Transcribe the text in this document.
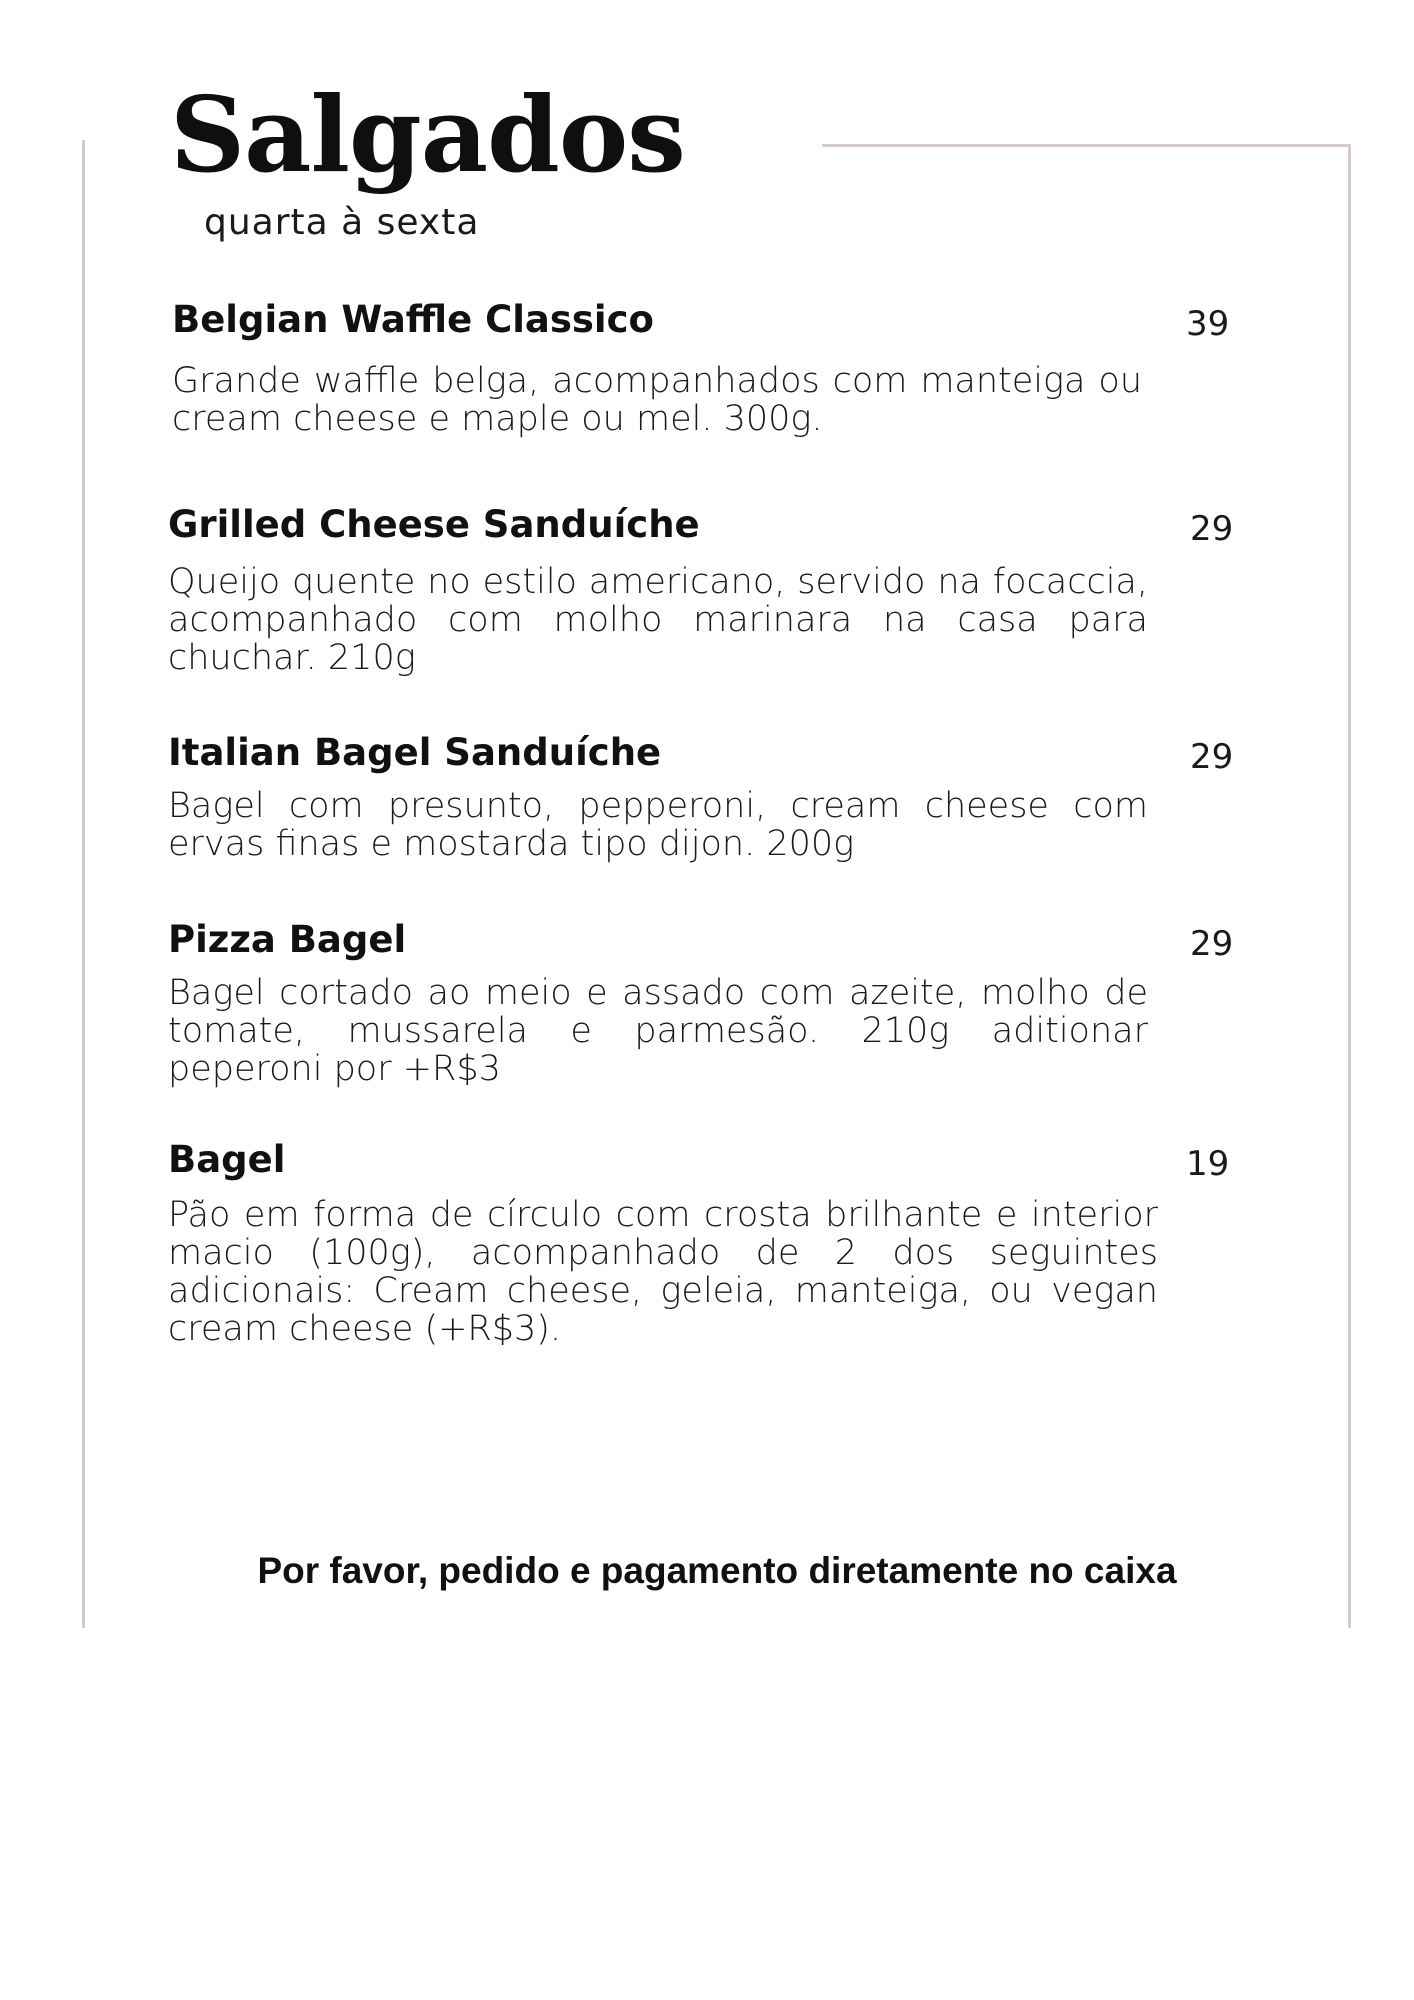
Salgados
quarta à sexta
Belgian Waffle Classico	39

Grande waffle belga, acompanhados com manteiga ou cream cheese e maple ou mel. 300g.

Grilled Cheese Sanduíche	29

Queijo quente no estilo americano, servido na focaccia, acompanhado com molho marinara na casa para chuchar. 210g

Italian Bagel Sanduíche	29

Bagel com presunto, pepperoni, cream cheese com ervas finas e mostarda tipo dijon. 200g

Pizza Bagel	29

Bagel cortado ao meio e assado com azeite, molho de tomate, mussarela e parmesão. 210g aditionar peperoni por +R$3

Bagel	19

Pão em forma de círculo com crosta brilhante e interior macio (100g), acompanhado de 2 dos seguintes adicionais: Cream cheese, geleia, manteiga, ou vegan cream cheese (+R$3).

Por favor, pedido e pagamento diretamente no caixa
